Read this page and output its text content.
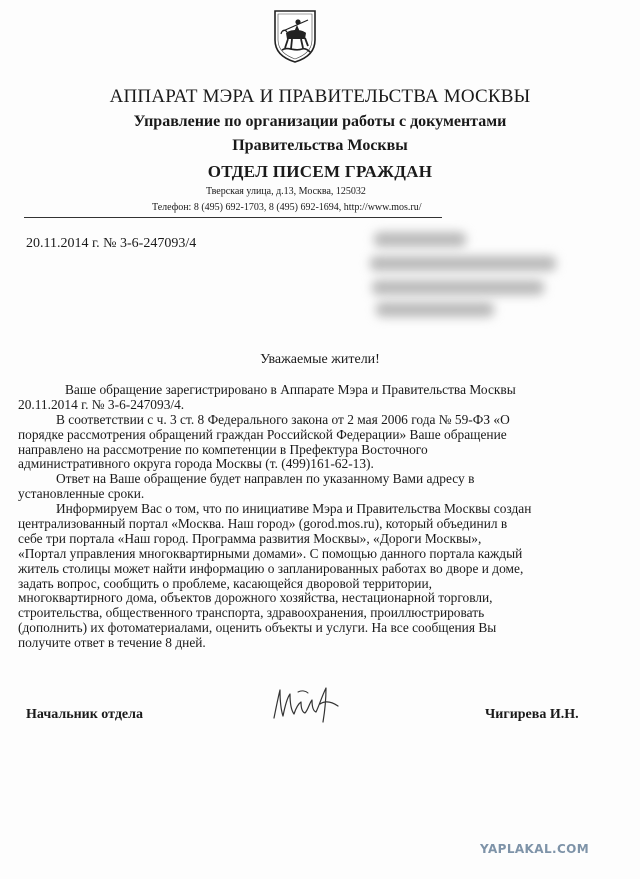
АППАРАТ МЭРА И ПРАВИТЕЛЬСТВА МОСКВЫ
Управление по организации работы с документами
Правительства Москвы
ОТДЕЛ ПИСЕМ ГРАЖДАН
Тверская улица, д.13, Москва, 125032
Телефон: 8 (495) 692-1703, 8 (495) 692-1694, http://www.mos.ru/
20.11.2014 г. № 3-6-247093/4
Уважаемые жители!
Ваше обращение зарегистрировано в Аппарате Мэра и Правительства Москвы
20.11.2014 г. № 3-6-247093/4.
В соответствии с ч. 3 ст. 8 Федерального закона от 2 мая 2006 года № 59-ФЗ «О
порядке рассмотрения обращений граждан Российской Федерации» Ваше обращение
направлено на рассмотрение по компетенции в Префектура Восточного
административного округа города Москвы (т. (499)161-62-13).
Ответ на Ваше обращение будет направлен по указанному Вами адресу в
установленные сроки.
Информируем Вас о том, что по инициативе Мэра и Правительства Москвы создан
централизованный портал «Москва. Наш город» (gorod.mos.ru), который объединил в
себе три портала «Наш город. Программа развития Москвы», «Дороги Москвы»,
«Портал управления многоквартирными домами». С помощью данного портала каждый
житель столицы может найти информацию о запланированных работах во дворе и доме,
задать вопрос, сообщить о проблеме, касающейся дворовой территории,
многоквартирного дома, объектов дорожного хозяйства, нестационарной торговли,
строительства, общественного транспорта, здравоохранения, проиллюстрировать
(дополнить) их фотоматериалами, оценить объекты и услуги. На все сообщения Вы
получите ответ в течение 8 дней.
Начальник отдела	Чигирева И.Н.
YAPLAKAL.COM
